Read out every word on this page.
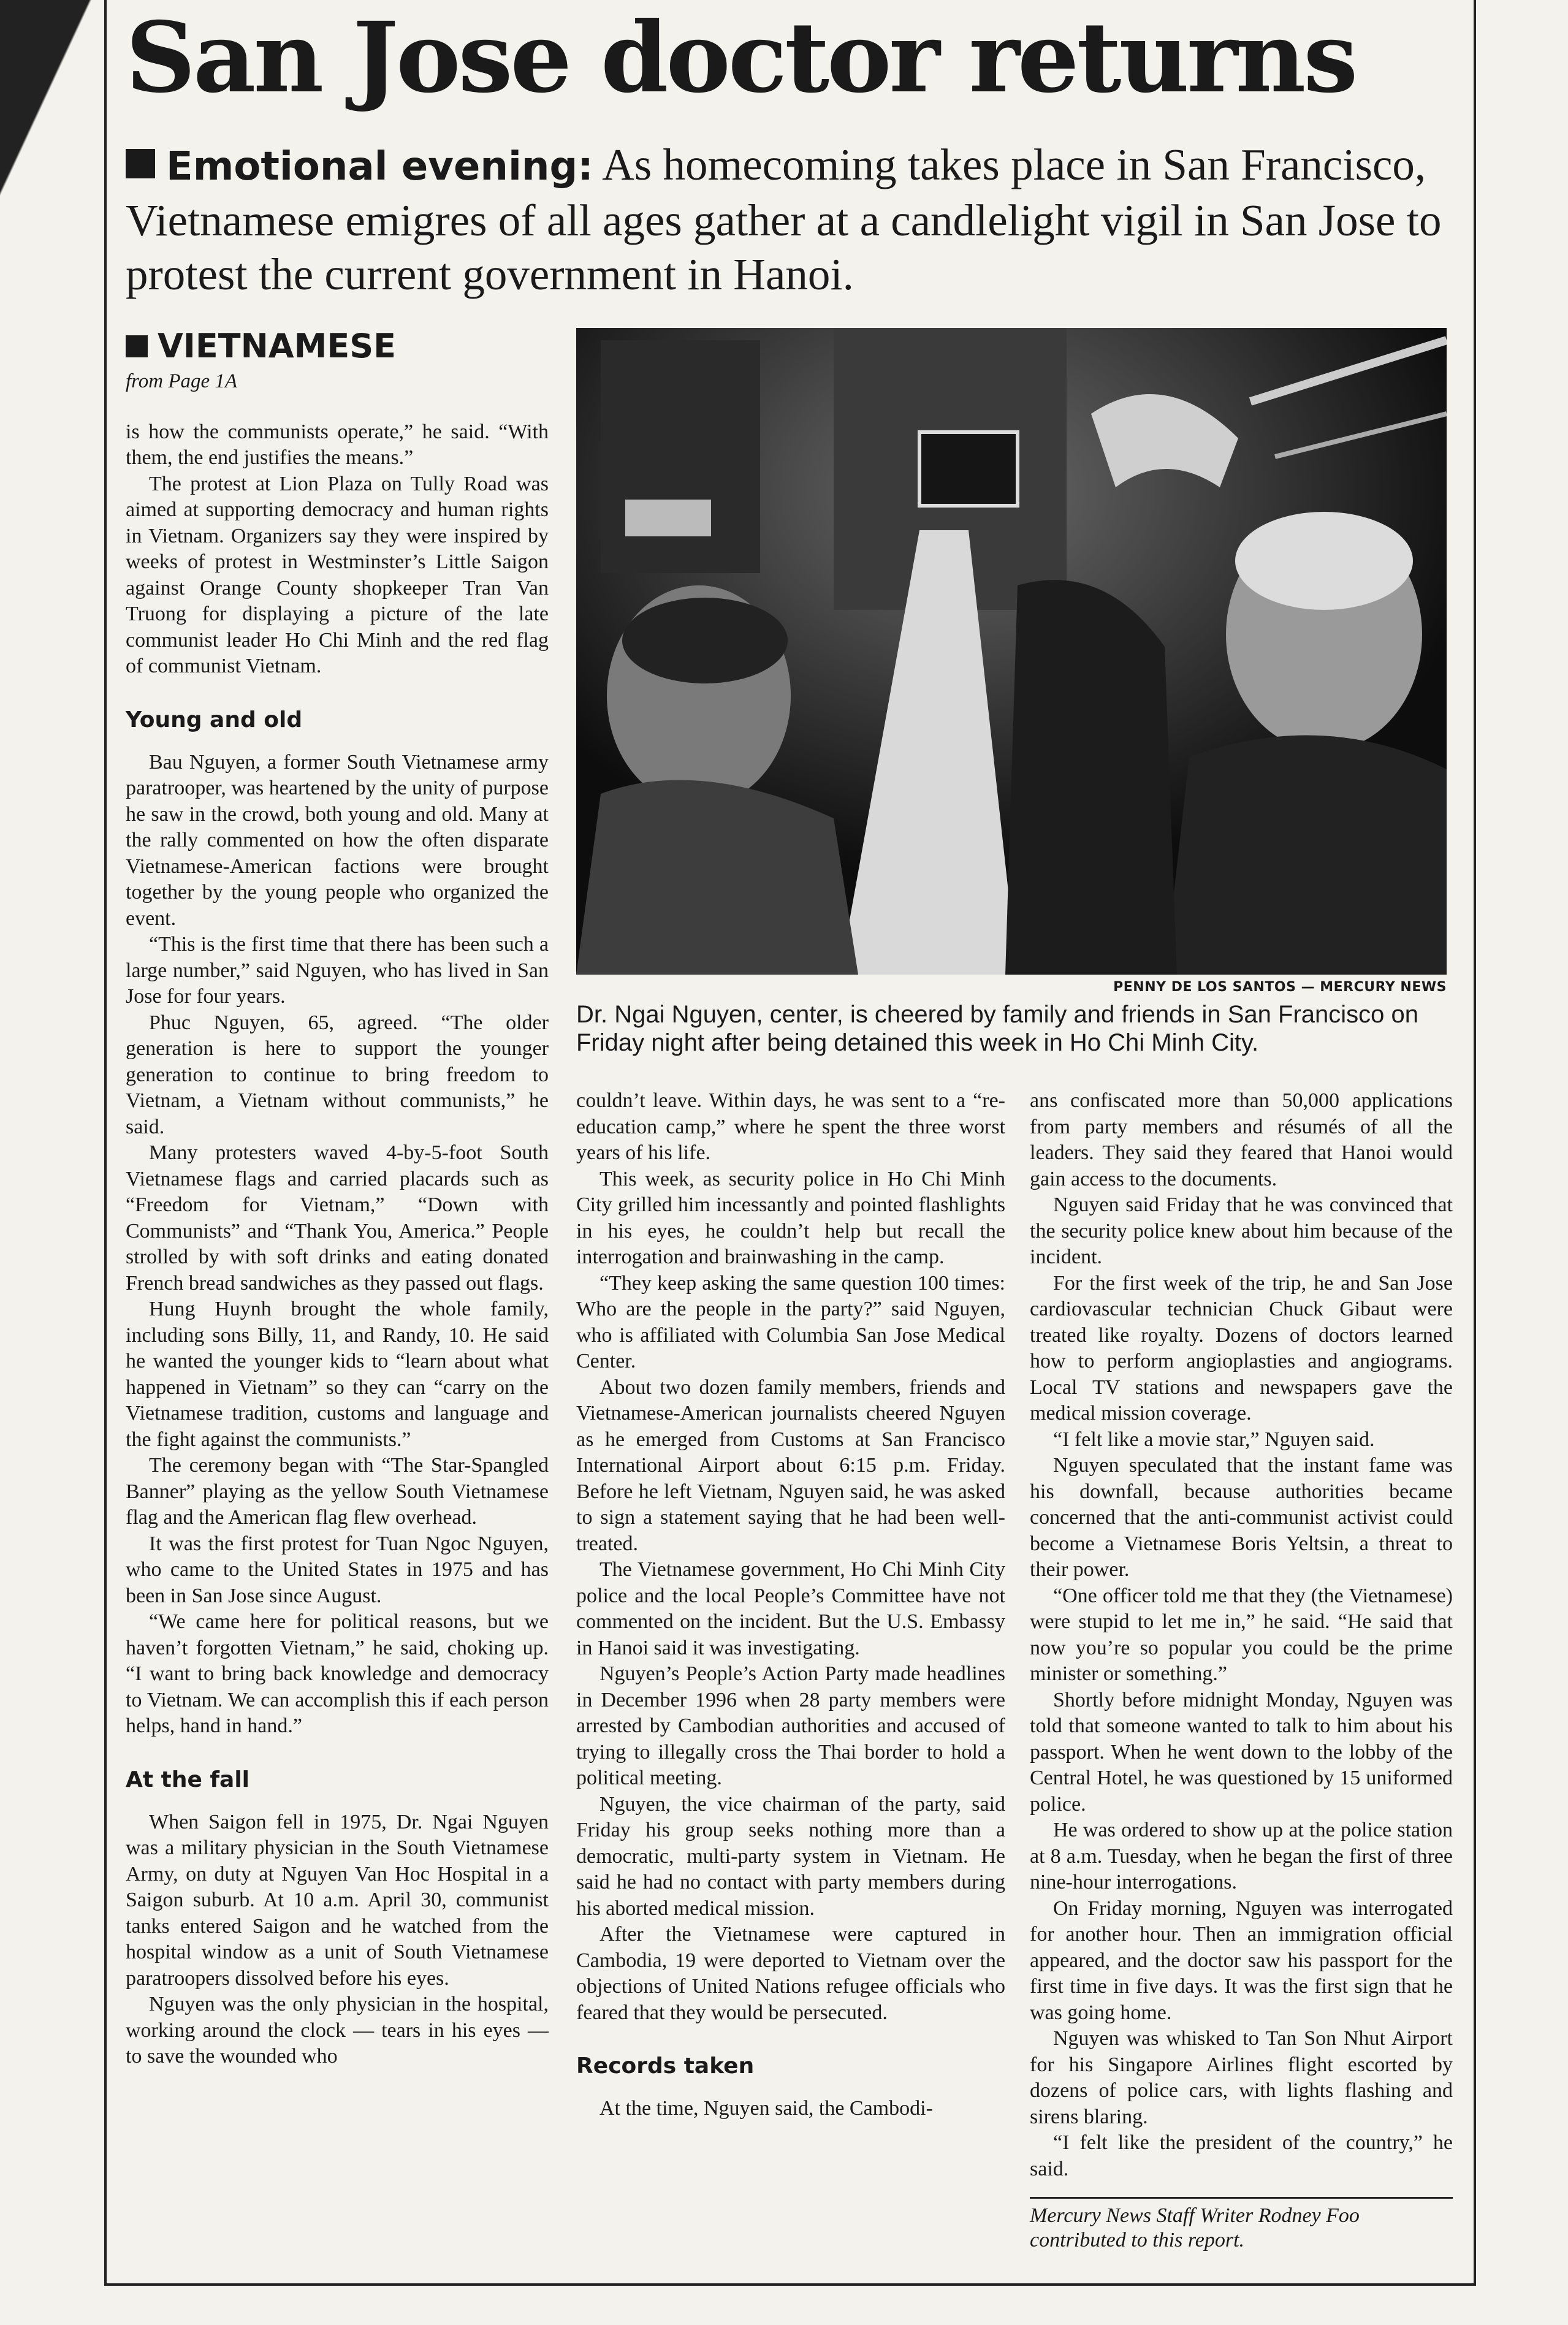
San Jose doctor returns
Emotional evening: As homecoming takes place in San Francisco, Vietnamese emigres of all ages gather at a candlelight vigil in San Jose to protest the current government in Hanoi.
VIETNAMESE
from Page 1A

is how the communists operate,” he said. “With them, the end justifies the means.”

The protest at Lion Plaza on Tully Road was aimed at supporting democracy and human rights in Vietnam. Organizers say they were inspired by weeks of protest in Westminster’s Little Saigon against Orange County shopkeeper Tran Van Truong for displaying a picture of the late communist leader Ho Chi Minh and the red flag of communist Vietnam.

Young and old

Bau Nguyen, a former South Vietnamese army paratrooper, was heartened by the unity of purpose he saw in the crowd, both young and old. Many at the rally commented on how the often disparate Vietnamese-American factions were brought together by the young people who organized the event.

“This is the first time that there has been such a large number,” said Nguyen, who has lived in San Jose for four years.

Phuc Nguyen, 65, agreed. “The older generation is here to support the younger generation to continue to bring freedom to Vietnam, a Vietnam without communists,” he said.

Many protesters waved 4-by-5-foot South Vietnamese flags and carried placards such as “Freedom for Vietnam,” “Down with Communists” and “Thank You, America.” People strolled by with soft drinks and eating donated French bread sandwiches as they passed out flags.

Hung Huynh brought the whole family, including sons Billy, 11, and Randy, 10. He said he wanted the younger kids to “learn about what happened in Vietnam” so they can “carry on the Vietnamese tradition, customs and language and the fight against the communists.”

The ceremony began with “The Star-Spangled Banner” playing as the yellow South Vietnamese flag and the American flag flew overhead.

It was the first protest for Tuan Ngoc Nguyen, who came to the United States in 1975 and has been in San Jose since August.

“We came here for political reasons, but we haven’t forgotten Vietnam,” he said, choking up. “I want to bring back knowledge and democracy to Vietnam. We can accomplish this if each person helps, hand in hand.”

At the fall

When Saigon fell in 1975, Dr. Ngai Nguyen was a military physician in the South Vietnamese Army, on duty at Nguyen Van Hoc Hospital in a Saigon suburb. At 10 a.m. April 30, communist tanks entered Saigon and he watched from the hospital window as a unit of South Vietnamese paratroopers dissolved before his eyes.

Nguyen was the only physician in the hospital, working around the clock — tears in his eyes — to save the wounded who

PENNY DE LOS SANTOS — MERCURY NEWS
Dr. Ngai Nguyen, center, is cheered by family and friends in San Francisco on Friday night after being detained this week in Ho Chi Minh City.

couldn’t leave. Within days, he was sent to a “re-education camp,” where he spent the three worst years of his life.

This week, as security police in Ho Chi Minh City grilled him incessantly and pointed flashlights in his eyes, he couldn’t help but recall the interrogation and brainwashing in the camp.

“They keep asking the same question 100 times: Who are the people in the party?” said Nguyen, who is affiliated with Columbia San Jose Medical Center.

About two dozen family members, friends and Vietnamese-American journalists cheered Nguyen as he emerged from Customs at San Francisco International Airport about 6:15 p.m. Friday. Before he left Vietnam, Nguyen said, he was asked to sign a statement saying that he had been well-treated.

The Vietnamese government, Ho Chi Minh City police and the local People’s Committee have not commented on the incident. But the U.S. Embassy in Hanoi said it was investigating.

Nguyen’s People’s Action Party made headlines in December 1996 when 28 party members were arrested by Cambodian authorities and accused of trying to illegally cross the Thai border to hold a political meeting.

Nguyen, the vice chairman of the party, said Friday his group seeks nothing more than a democratic, multi-party system in Vietnam. He said he had no contact with party members during his aborted medical mission.

After the Vietnamese were captured in Cambodia, 19 were deported to Vietnam over the objections of United Nations refugee officials who feared that they would be persecuted.

Records taken

At the time, Nguyen said, the Cambodi-

ans confiscated more than 50,000 applications from party members and résumés of all the leaders. They said they feared that Hanoi would gain access to the documents.

Nguyen said Friday that he was convinced that the security police knew about him because of the incident.

For the first week of the trip, he and San Jose cardiovascular technician Chuck Gibaut were treated like royalty. Dozens of doctors learned how to perform angioplasties and angiograms. Local TV stations and newspapers gave the medical mission coverage.

“I felt like a movie star,” Nguyen said.

Nguyen speculated that the instant fame was his downfall, because authorities became concerned that the anti-communist activist could become a Vietnamese Boris Yeltsin, a threat to their power.

“One officer told me that they (the Vietnamese) were stupid to let me in,” he said. “He said that now you’re so popular you could be the prime minister or something.”

Shortly before midnight Monday, Nguyen was told that someone wanted to talk to him about his passport. When he went down to the lobby of the Central Hotel, he was questioned by 15 uniformed police.

He was ordered to show up at the police station at 8 a.m. Tuesday, when he began the first of three nine-hour interrogations.

On Friday morning, Nguyen was interrogated for another hour. Then an immigration official appeared, and the doctor saw his passport for the first time in five days. It was the first sign that he was going home.

Nguyen was whisked to Tan Son Nhut Airport for his Singapore Airlines flight escorted by dozens of police cars, with lights flashing and sirens blaring.

“I felt like the president of the country,” he said.

Mercury News Staff Writer Rodney Foo contributed to this report.
